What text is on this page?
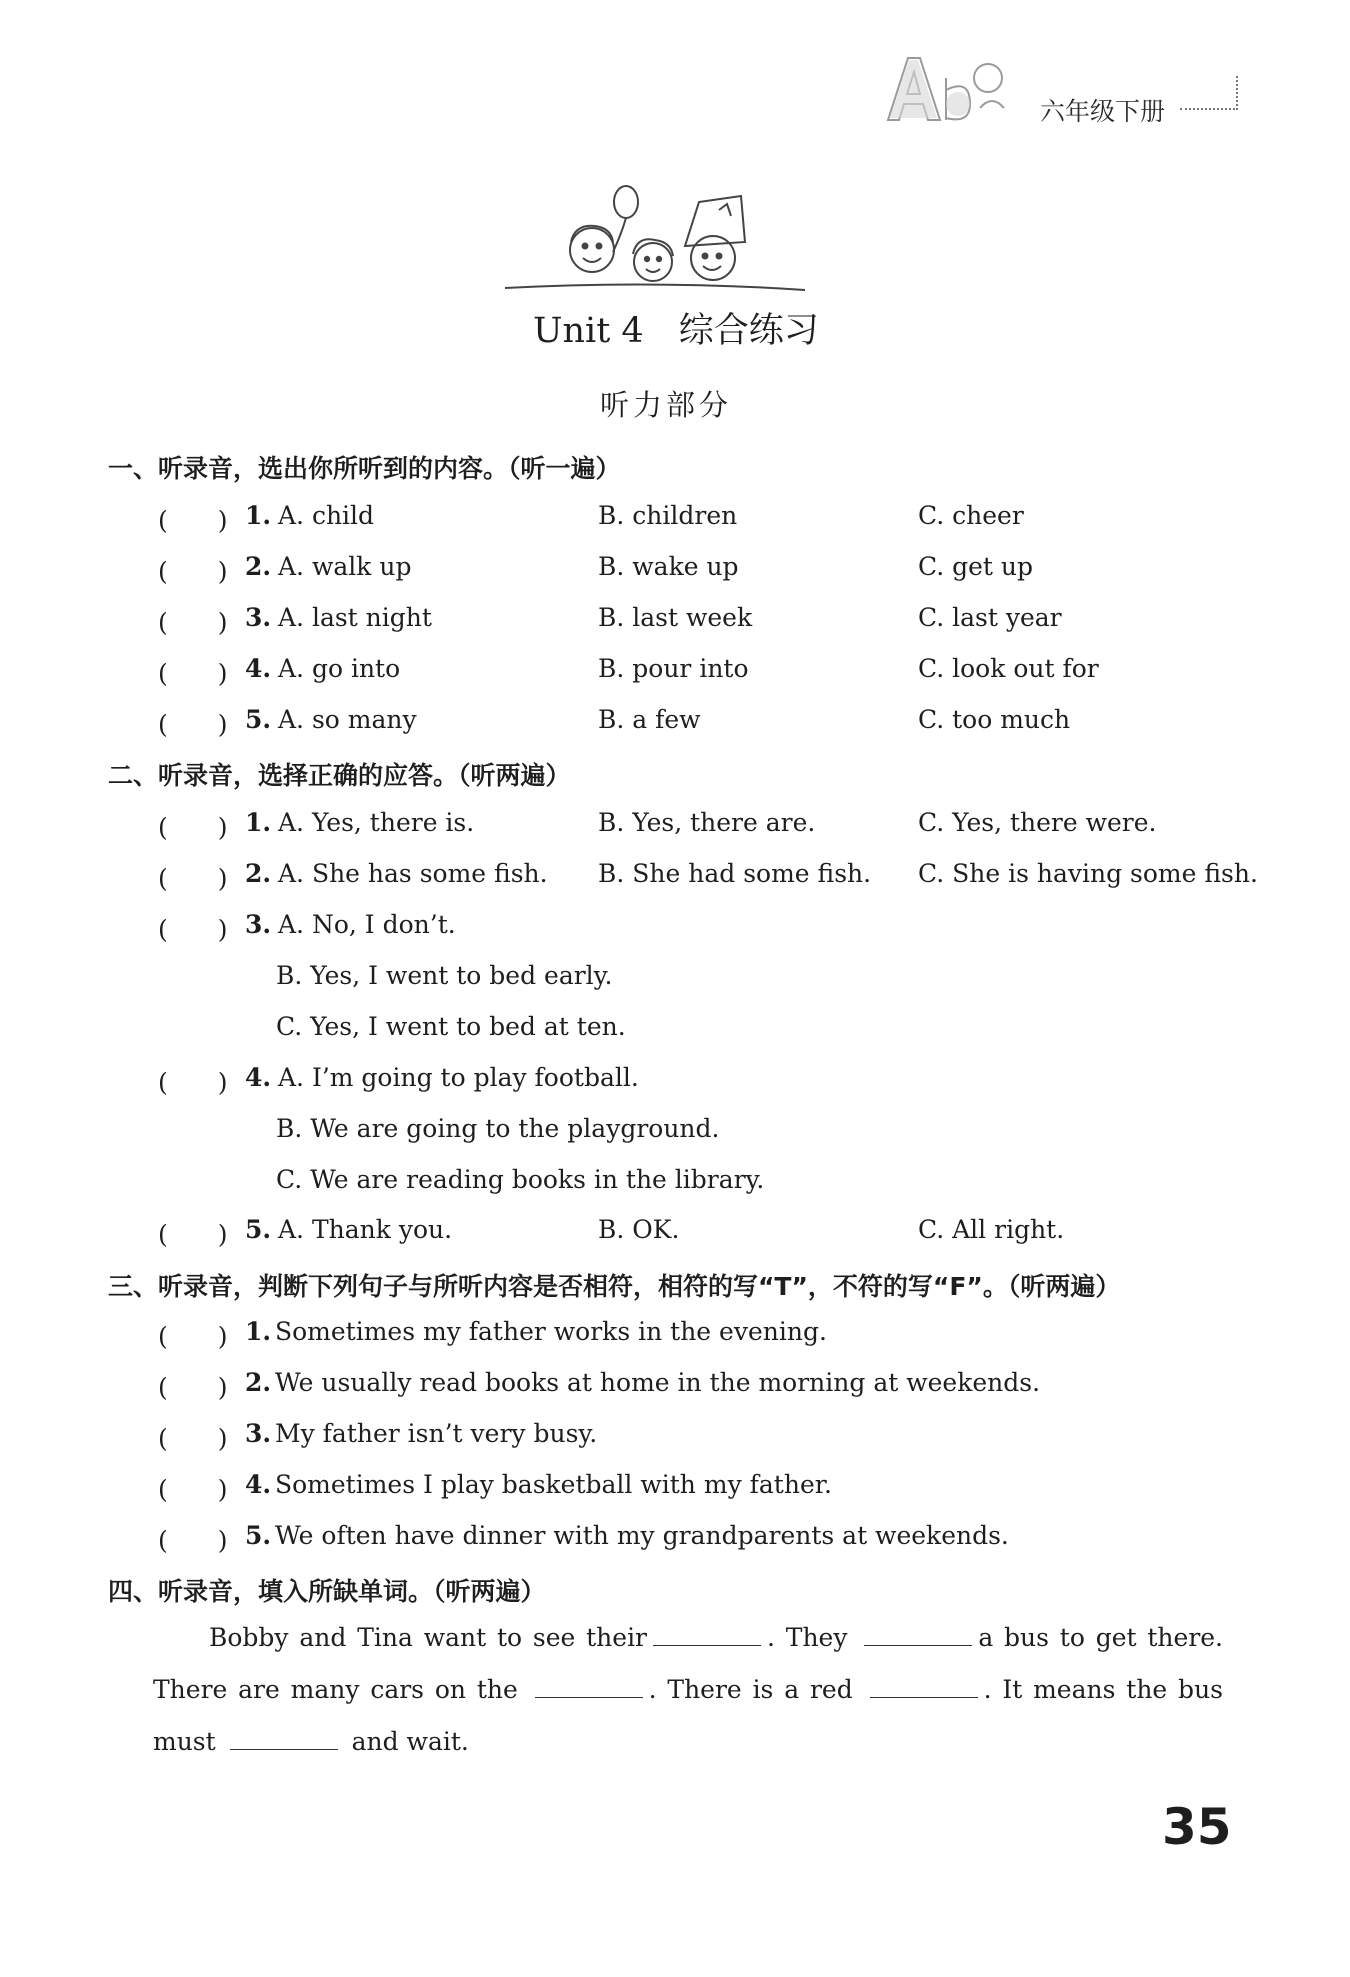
六年级下册
Unit 4　综合练习
听力部分
一、听录音，选出你所听到的内容。（听一遍）
(　　) 1. A. child	B. children	C. cheer
(　　) 2. A. walk up	B. wake up	C. get up
(　　) 3. A. last night	B. last week	C. last year
(　　) 4. A. go into	B. pour into	C. look out for
(　　) 5. A. so many	B. a few	C. too much
二、听录音，选择正确的应答。（听两遍）
(　　) 1. A. Yes, there is.	B. Yes, there are.	C. Yes, there were.
(　　) 2. A. She has some fish. B. She had some fish. C. She is having some fish.
(　　) 3. A. No, I don’t.
B. Yes, I went to bed early.
C. Yes, I went to bed at ten.
(　　) 4. A. I’m going to play football.
B. We are going to the playground.
C. We are reading books in the library.
(　　) 5. A. Thank you.	B. OK.	C. All right.
三、听录音，判断下列句子与所听内容是否相符，相符的写“T”，不符的写“F”。（听两遍）
(　　) 1. Sometimes my father works in the evening.
(　　) 2. We usually read books at home in the morning at weekends.
(　　) 3. My father isn’t very busy.
(　　) 4. Sometimes I play basketball with my father.
(　　) 5. We often have dinner with my grandparents at weekends.
四、听录音，填入所缺单词。（听两遍）
Bobby and Tina want to see their	. They	a bus to get there. There are many cars on the	. There is a red	. It means the bus must	and wait.
35
